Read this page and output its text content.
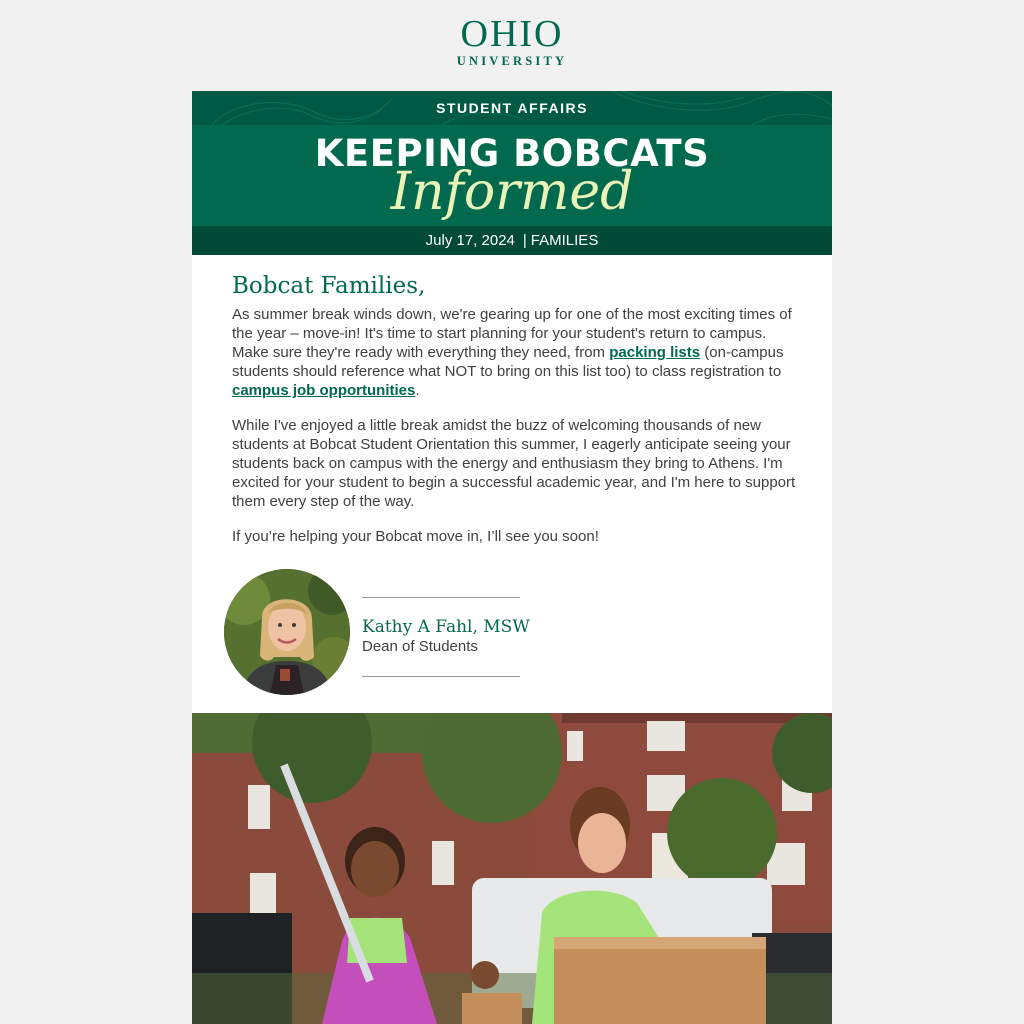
OHIO
UNIVERSITY
STUDENT AFFAIRS
KEEPING BOBCATS
Informed
July 17, 2024 | FAMILIES
Bobcat Families,

As summer break winds down, we're gearing up for one of the most exciting times of the year – move-in! It's time to start planning for your student's return to campus. Make sure they're ready with everything they need, from packing lists (on-campus students should reference what NOT to bring on this list too) to class registration to campus job opportunities.

While I've enjoyed a little break amidst the buzz of welcoming thousands of new students at Bobcat Student Orientation this summer, I eagerly anticipate seeing your students back on campus with the energy and enthusiasm they bring to Athens. I'm excited for your student to begin a successful academic year, and I'm here to support them every step of the way.

If you’re helping your Bobcat move in, I’ll see you soon!

Kathy A Fahl, MSW
Dean of Students
